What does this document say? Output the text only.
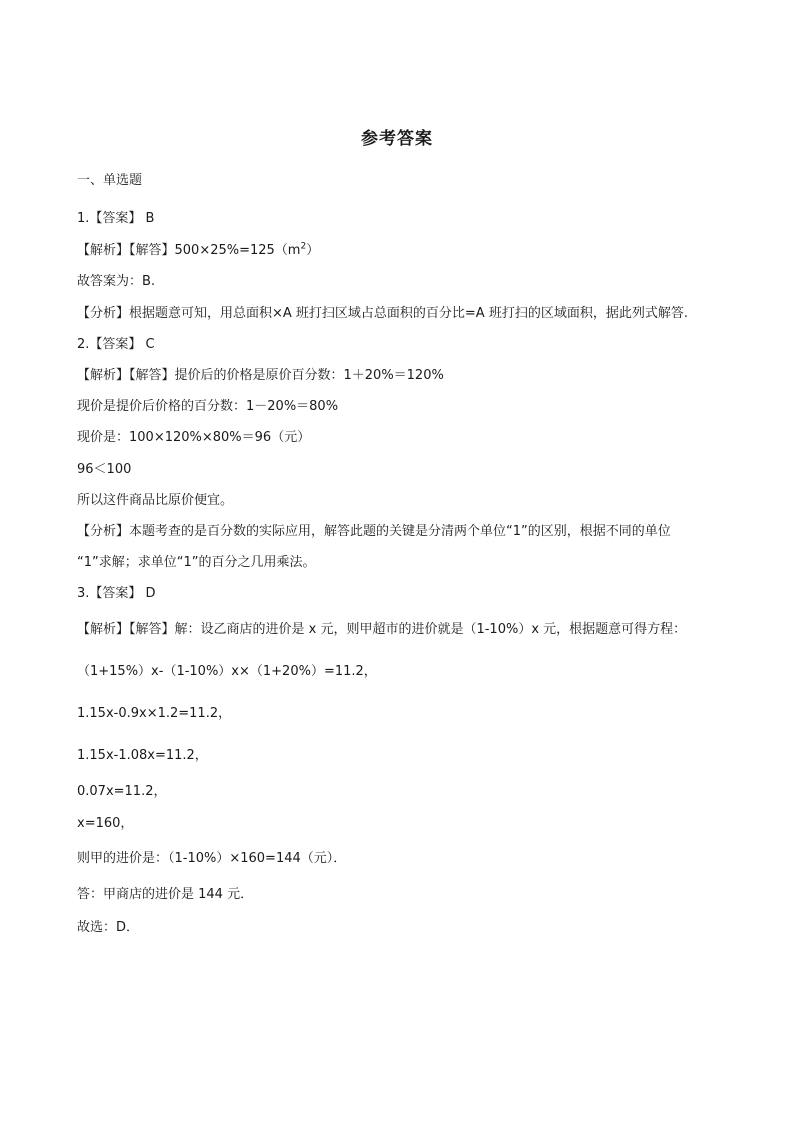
参考答案
一、单选题
1.【答案】 B
【解析】【解答】$500\times 25\%=125(m^2)$
故答案为：B.
【分析】根据题意可知，用总面积×A 班打扫区域占总面积的百分比=A 班打扫的区域面积，据此列式解答.
2.【答案】 C
【解析】【解答】提价后的价格是原价百分数：1＋20%＝120%
现价是提价后价格的百分数：1－20%＝80%
现价是：100×120%×80%＝96（元）
96＜100
所以这件商品比原价便宜。
【分析】本题考查的是百分数的实际应用，解答此题的关键是分清两个单位“1”的区别，根据不同的单位
“1”求解；求单位“1”的百分之几用乘法。
3.【答案】 D
【解析】【解答】解：设乙商店的进价是 x 元，则甲超市的进价就是（1-10%）x 元，根据题意可得方程：
（1+15%）x-（1-10%）x×（1+20%）=11.2，
1.15x-0.9x×1.2=11.2，
1.15x-1.08x=11.2，
0.07x=11.2，
x=160，
则甲的进价是：（1-10%）×160=144（元）．
答：甲商店的进价是 144 元．
故选：D．
